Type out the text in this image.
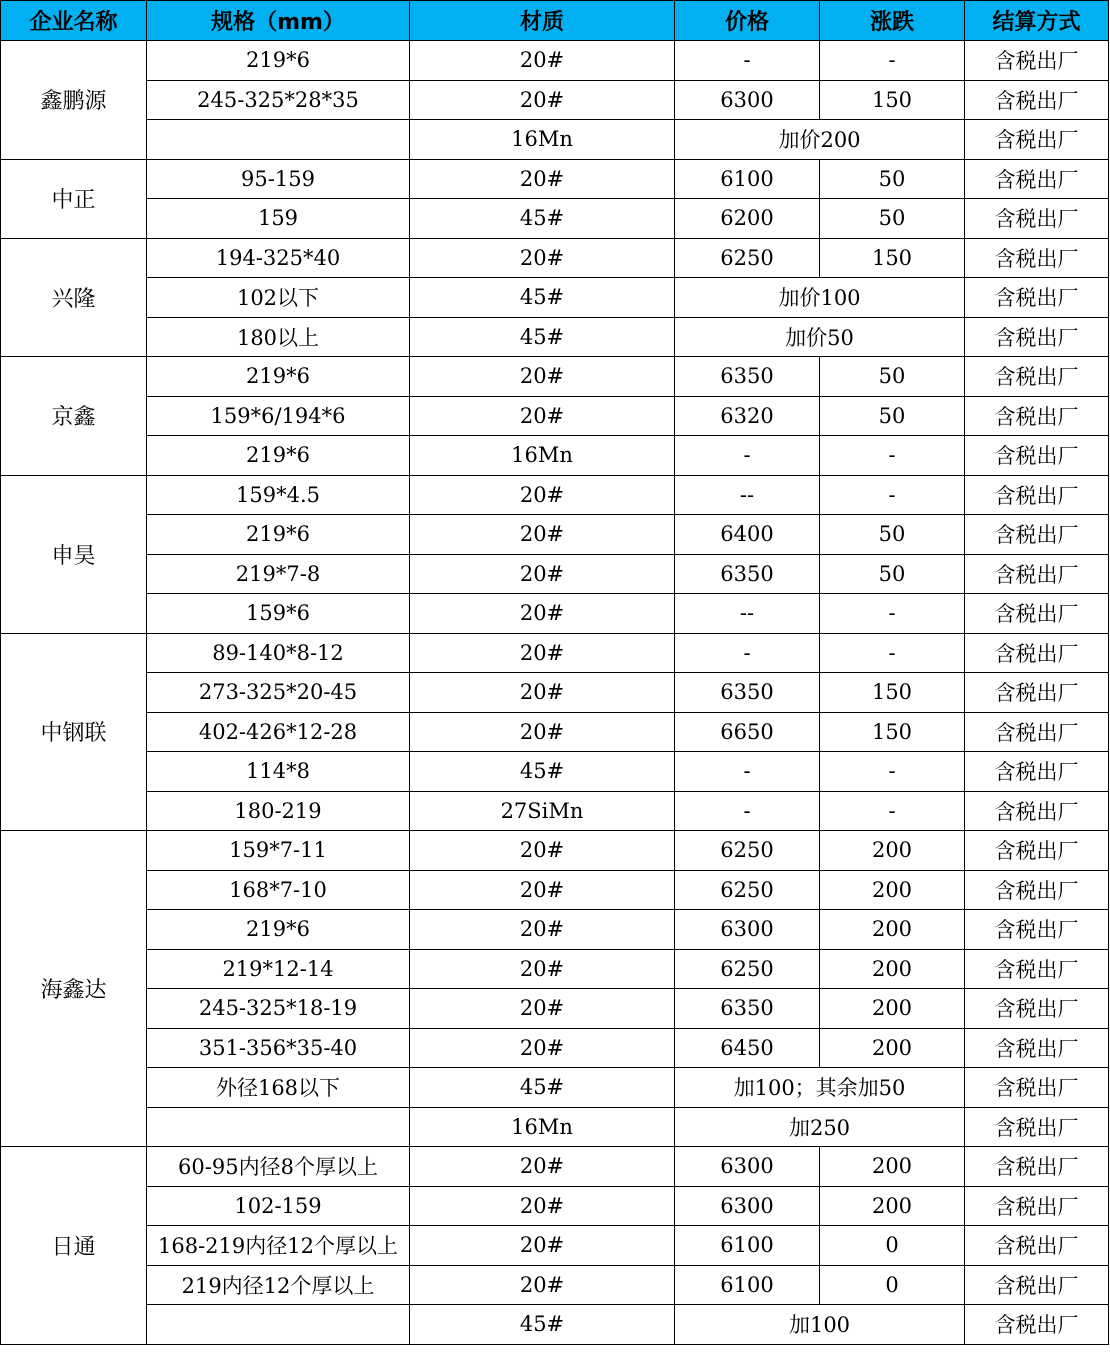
企业名称	规格（mm）	材质	价格	涨跌	结算方式
鑫鹏源	219*6	20#	-	-	含税出厂
	245-325*28*35	20#	6300	150	含税出厂
		16Mn	加价200		含税出厂
中正	95-159	20#	6100	50	含税出厂
	159	45#	6200	50	含税出厂
兴隆	194-325*40	20#	6250	150	含税出厂
	102以下	45#	加价100		含税出厂
	180以上	45#	加价50		含税出厂
京鑫	219*6	20#	6350	50	含税出厂
	159*6/194*6	20#	6320	50	含税出厂
	219*6	16Mn	-	-	含税出厂
申昊	159*4.5	20#	--	-	含税出厂
	219*6	20#	6400	50	含税出厂
	219*7-8	20#	6350	50	含税出厂
	159*6	20#	--	-	含税出厂
中钢联	89-140*8-12	20#	-	-	含税出厂
	273-325*20-45	20#	6350	150	含税出厂
	402-426*12-28	20#	6650	150	含税出厂
	114*8	45#	-	-	含税出厂
	180-219	27SiMn	-	-	含税出厂
海鑫达	159*7-11	20#	6250	200	含税出厂
	168*7-10	20#	6250	200	含税出厂
	219*6	20#	6300	200	含税出厂
	219*12-14	20#	6250	200	含税出厂
	245-325*18-19	20#	6350	200	含税出厂
	351-356*35-40	20#	6450	200	含税出厂
	外径168以下	45#	加100；其余加50		含税出厂
		16Mn	加250		含税出厂
日通	60-95内径8个厚以上	20#	6300	200	含税出厂
	102-159	20#	6300	200	含税出厂
	168-219内径12个厚以上	20#	6100	0	含税出厂
	219内径12个厚以上	20#	6100	0	含税出厂
		45#	加100		含税出厂
